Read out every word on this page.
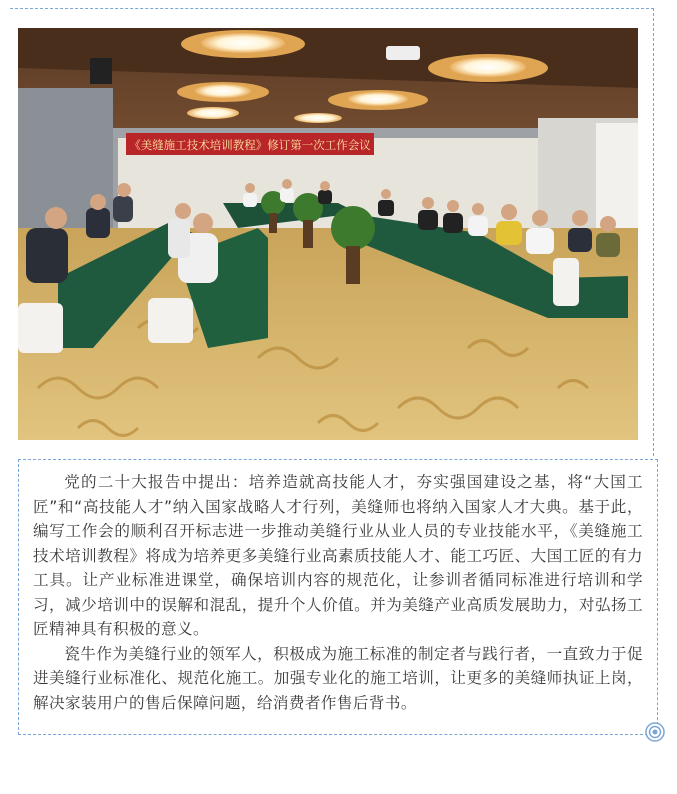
《美缝施工技术培训教程》修订第一次工作会议

党的二十大报告中提出：培养造就高技能人才，夯实强国建设之基，将“大国工匠”和“高技能人才”纳入国家战略人才行列，美缝师也将纳入国家人才大典。基于此，编写工作会的顺利召开标志进一步推动美缝行业从业人员的专业技能水平，《美缝施工技术培训教程》将成为培养更多美缝行业高素质技能人才、能工巧匠、大国工匠的有力工具。让产业标准进课堂，确保培训内容的规范化，让参训者循同标准进行培训和学习，减少培训中的误解和混乱，提升个人价值。并为美缝产业高质发展助力，对弘扬工匠精神具有积极的意义。

瓷牛作为美缝行业的领军人，积极成为施工标准的制定者与践行者，一直致力于促进美缝行业标准化、规范化施工。加强专业化的施工培训，让更多的美缝师执证上岗，解决家装用户的售后保障问题，给消费者作售后背书。
